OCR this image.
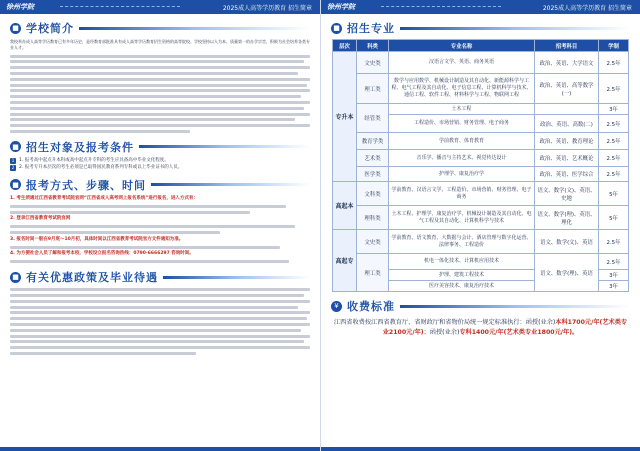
徐州学院	2025成人高等学历教育 招生简章
■ 学校简介
我校举办成人高等学历教育已有多年历史，是经教育部批准具有成人高等学历教育招生资格的高等院校。学校坚持以人为本、质量第一的办学宗旨，积极为社会培养各类专业人才。
■ 招生对象及报考条件
1	1. 报考高中起点升本科或高中起点升专科的考生应具备高中毕业文化程度。
2	2. 报考专升本层次的考生必须是已取得国民教育系列专科或以上毕业证书的人员。
■ 报考方式、步骤、时间
1. 考生须通过江西省教育考试院官网“江西省成人高考网上报名系统”进行报名，进入方式有：
2. 登录江西省教育考试院官网
3. 报名时间一般在9月底～10月初，具体时间以江西省教育考试院官方文件通知为准。
4. 为方便社会人员了解和报考本校，学校设立报名咨询热线：0790-6666297 咨询时间。
■ 有关优惠政策及毕业待遇
徐州学院	2025成人高等学历教育 招生简章
■ 招生专业
层次	科类	专业名称	招考科目	学制
专升本	文史类	汉语言文学、英语、商务英语	政治、英语、大学语文	2.5年
	理工类	数学与应用数学、机械设计制造及其自动化、新能源科学与工程、电气工程及其自动化、电子信息工程、计算机科学与技术、通信工程、软件工程、材料科学与工程、物联网工程	政治、英语、高等数学(一)	2.5年
	经管类	土木工程		3年
		工程造价、市场营销、财务管理、电子商务	政治、英语、高数(二)	2.5年
	教育学类	学前教育、体育教育	政治、英语、教育理论	2.5年
	艺术类	音乐学、播音与主持艺术、视觉传达设计	政治、英语、艺术概论	2.5年
	医学类	护理学、康复治疗学	政治、英语、医学综合	2.5年
高起本	文科类	学前教育、汉语言文学、工程造价、市场营销、财务管理、电子商务	语文、数学(文)、英语、史地	5年
	理科类	土木工程、护理学、康复治疗学、机械设计制造及其自动化、电气工程及其自动化、计算机科学与技术	语文、数学(理)、英语、理化	5年
高起专	文史类	学前教育、语文教育、大数据与会计、酒店管理与数字化运营、法律事务、工程造价	语文、数学(文)、英语	2.5年
	理工类	机电一体化技术、计算机应用技术	语文、数学(理)、英语	2.5年
		护理、建筑工程技术		3年
		医疗美容技术、康复治疗技术		3年
¥ 收费标准
江西省收费按江西省教育厅、省财政厅和省物价局统一规定标准执行：函授(业余)本科1700元/年(艺术类专业2100元/年)；函授(业余)专科1400元/年(艺术类专业1800元/年)。
